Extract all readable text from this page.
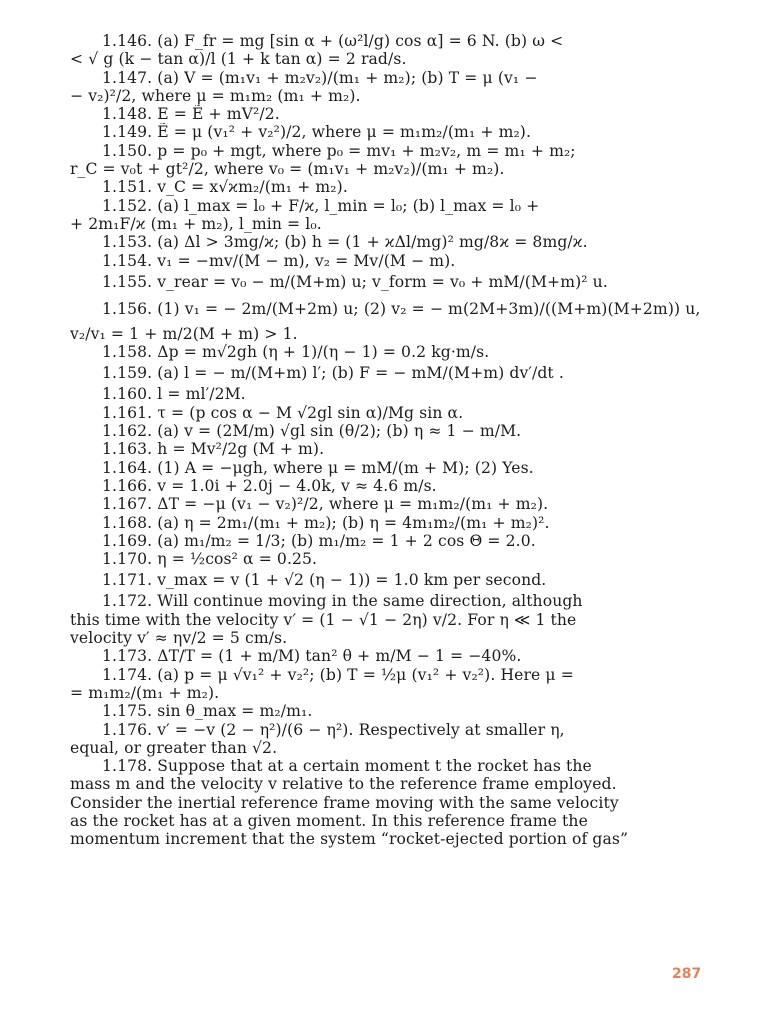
1.146. (a) F_fr = mg [sin α + (ω²l/g) cos α] = 6 N. (b) ω <
< √ g (k − tan α)/l (1 + k tan α) = 2 rad/s.
1.147. (a) V = (m₁v₁ + m₂v₂)/(m₁ + m₂); (b) T = μ (v₁ −
− v₂)²/2, where μ = m₁m₂ (m₁ + m₂).
1.148. E = Ẽ + mV²/2.
1.149. Ẽ = μ (v₁² + v₂²)/2, where μ = m₁m₂/(m₁ + m₂).
1.150. p = p₀ + mgt, where p₀ = mv₁ + m₂v₂, m = m₁ + m₂;
r_C = v₀t + gt²/2, where v₀ = (m₁v₁ + m₂v₂)/(m₁ + m₂).
1.151. v_C = x√ϰm₂/(m₁ + m₂).
1.152. (a) l_max = l₀ + F/ϰ, l_min = l₀; (b) l_max = l₀ +
+ 2m₁F/ϰ (m₁ + m₂), l_min = l₀.
1.153. (a) Δl > 3mg/ϰ; (b) h = (1 + ϰΔl/mg)² mg/8ϰ = 8mg/ϰ.
1.154. v₁ = −mv/(M − m), v₂ = Mv/(M − m).
1.155. v_rear = v₀ − m/(M+m) u; v_form = v₀ + mM/(M+m)² u.
1.156. (1) v₁ = − 2m/(M+2m) u; (2) v₂ = − m(2M+3m)/((M+m)(M+2m)) u,
v₂/v₁ = 1 + m/2(M + m) > 1.
1.158. Δp = m√2gh (η + 1)/(η − 1) = 0.2 kg·m/s.
1.159. (a) l = − m/(M+m) l′; (b) F = − mM/(M+m) dv′/dt .
1.160. l = ml′/2M.
1.161. τ = (p cos α − M √2gl sin α)/Mg sin α.
1.162. (a) v = (2M/m) √gl sin (θ/2); (b) η ≈ 1 − m/M.
1.163. h = Mv²/2g (M + m).
1.164. (1) A = −μgh, where μ = mM/(m + M); (2) Yes.
1.166. v = 1.0i + 2.0j − 4.0k, v ≈ 4.6 m/s.
1.167. ΔT = −μ (v₁ − v₂)²/2, where μ = m₁m₂/(m₁ + m₂).
1.168. (a) η = 2m₁/(m₁ + m₂); (b) η = 4m₁m₂/(m₁ + m₂)².
1.169. (a) m₁/m₂ = 1/3; (b) m₁/m₂ = 1 + 2 cos Θ = 2.0.
1.170. η = ½cos² α = 0.25.
1.171. v_max = v (1 + √2 (η − 1)) = 1.0 km per second.
1.172. Will continue moving in the same direction, although
this time with the velocity v′ = (1 − √1 − 2η) v/2. For η ≪ 1 the
velocity v′ ≈ ηv/2 = 5 cm/s.
1.173. ΔT/T = (1 + m/M) tan² θ + m/M − 1 = −40%.
1.174. (a) p = μ √v₁² + v₂²; (b) T = ½μ (v₁² + v₂²). Here μ =
= m₁m₂/(m₁ + m₂).
1.175. sin θ_max = m₂/m₁.
1.176. v′ = −v (2 − η²)/(6 − η²). Respectively at smaller η,
equal, or greater than √2.
1.178. Suppose that at a certain moment t the rocket has the
mass m and the velocity v relative to the reference frame employed.
Consider the inertial reference frame moving with the same velocity
as the rocket has at a given moment. In this reference frame the
momentum increment that the system “rocket-ejected portion of gas”
287
